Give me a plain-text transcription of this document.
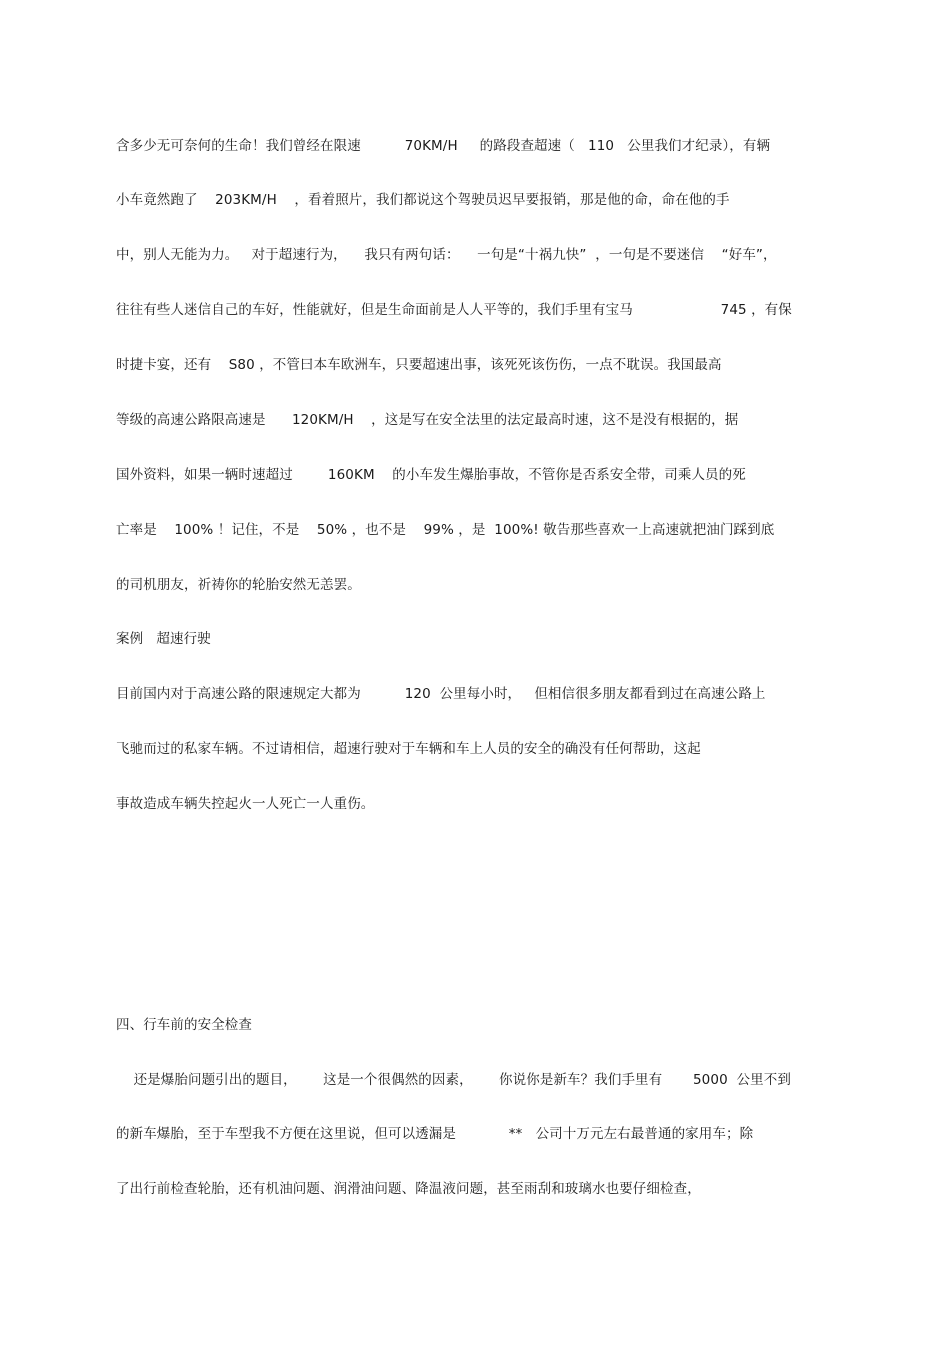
含多少无可奈何的生命！我们曾经在限速          70KM/H     的路段查超速（   110   公里我们才纪录），有辆
小车竟然跑了    203KM/H    ，看着照片，我们都说这个驾驶员迟早要报销，那是他的命，命在他的手
中，别人无能为力。   对于超速行为，    我只有两句话：    一句是“十祸九快”  ，一句是不要迷信    “好车”，
往往有些人迷信自己的车好，性能就好，但是生命面前是人人平等的，我们手里有宝马                    745 ，有保
时捷卡宴，还有    S80 ，不管曰本车欧洲车，只要超速出事，该死死该伤伤，一点不耽误。我国最高
等级的高速公路限高速是      120KM/H    ，这是写在安全法里的法定最高时速，这不是没有根据的，据
国外资料，如果一辆时速超过        160KM    的小车发生爆胎事故，不管你是否系安全带，司乘人员的死
亡率是    100% ！记住，不是    50% ，也不是    99% ，是  100%! 敬告那些喜欢一上高速就把油门踩到底
的司机朋友，祈祷你的轮胎安然无恙罢。
案例   超速行驶
目前国内对于高速公路的限速规定大都为          120  公里每小时，   但相信很多朋友都看到过在高速公路上
飞驰而过的私家车辆。不过请相信，超速行驶对于车辆和车上人员的安全的确没有任何帮助，这起
事故造成车辆失控起火一人死亡一人重伤。
四、行车前的安全检查
还是爆胎问题引出的题目，      这是一个很偶然的因素，      你说你是新车？我们手里有       5000  公里不到
的新车爆胎，至于车型我不方便在这里说，但可以透漏是            **   公司十万元左右最普通的家用车；除
了出行前检查轮胎，还有机油问题、润滑油问题、降温液问题，甚至雨刮和玻璃水也要仔细检查，
